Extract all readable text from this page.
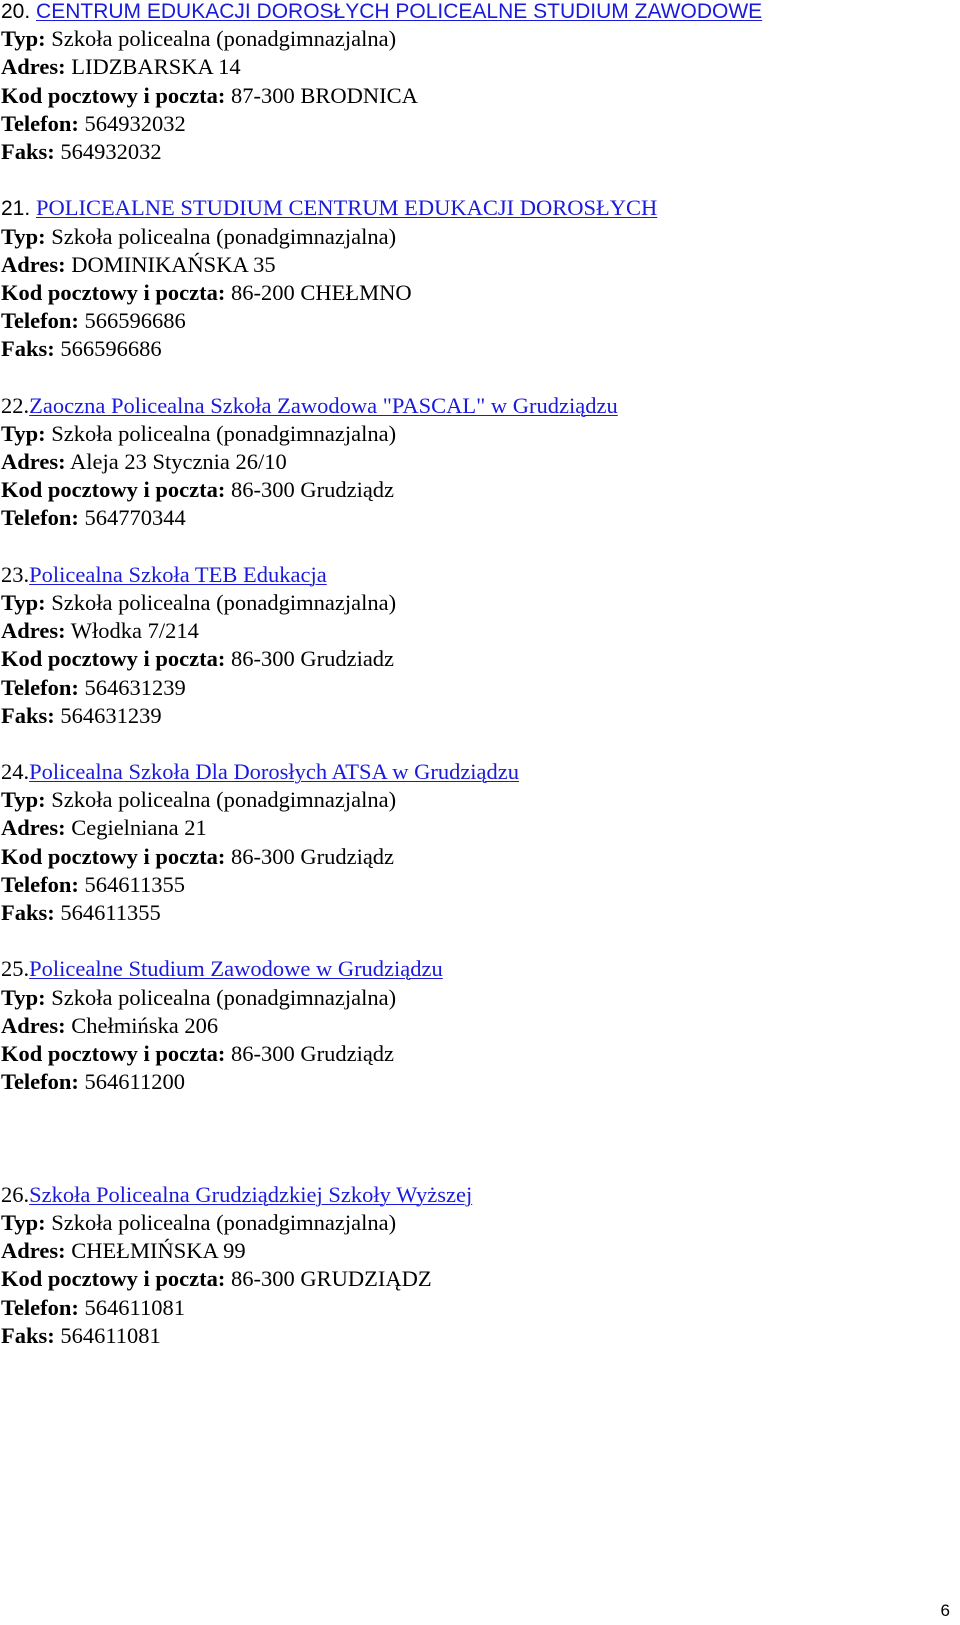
20. CENTRUM EDUKACJI DOROSŁYCH POLICEALNE STUDIUM ZAWODOWE
Typ: Szkoła policealna (ponadgimnazjalna)
Adres: LIDZBARSKA 14
Kod pocztowy i poczta: 87-300 BRODNICA
Telefon: 564932032
Faks: 564932032
21. POLICEALNE STUDIUM CENTRUM EDUKACJI DOROSŁYCH
Typ: Szkoła policealna (ponadgimnazjalna)
Adres: DOMINIKAŃSKA 35
Kod pocztowy i poczta: 86-200 CHEŁMNO
Telefon: 566596686
Faks: 566596686
22.Zaoczna Policealna Szkoła Zawodowa "PASCAL" w Grudziądzu
Typ: Szkoła policealna (ponadgimnazjalna)
Adres: Aleja 23 Stycznia 26/10
Kod pocztowy i poczta: 86-300 Grudziądz
Telefon: 564770344
23.Policealna Szkoła TEB Edukacja
Typ: Szkoła policealna (ponadgimnazjalna)
Adres: Włodka 7/214
Kod pocztowy i poczta: 86-300 Grudziadz
Telefon: 564631239
Faks: 564631239
24.Policealna Szkoła Dla Dorosłych ATSA w Grudziądzu
Typ: Szkoła policealna (ponadgimnazjalna)
Adres: Cegielniana 21
Kod pocztowy i poczta: 86-300 Grudziądz
Telefon: 564611355
Faks: 564611355
25.Policealne Studium Zawodowe w Grudziądzu
Typ: Szkoła policealna (ponadgimnazjalna)
Adres: Chełmińska 206
Kod pocztowy i poczta: 86-300 Grudziądz
Telefon: 564611200
26.Szkoła Policealna Grudziądzkiej Szkoły Wyższej
Typ: Szkoła policealna (ponadgimnazjalna)
Adres: CHEŁMIŃSKA 99
Kod pocztowy i poczta: 86-300 GRUDZIĄDZ
Telefon: 564611081
Faks: 564611081
6
